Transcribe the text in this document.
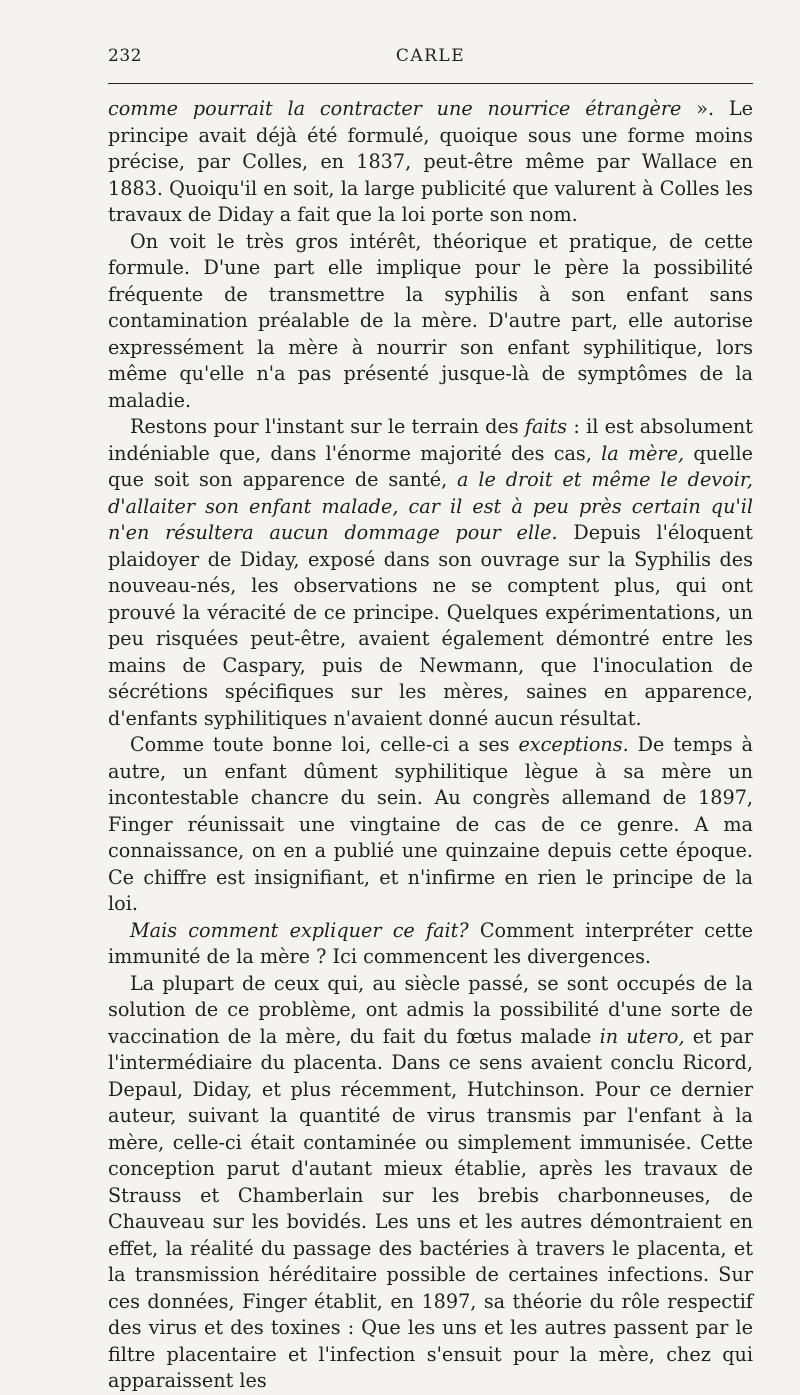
232	CARLE

comme pourrait la contracter une nourrice étrangère ». Le principe avait déjà été formulé, quoique sous une forme moins précise, par Colles, en 1837, peut-être même par Wallace en 1883. Quoiqu'il en soit, la large publicité que valurent à Colles les travaux de Diday a fait que la loi porte son nom.

On voit le très gros intérêt, théorique et pratique, de cette formule. D'une part elle implique pour le père la possibilité fréquente de transmettre la syphilis à son enfant sans contamination préalable de la mère. D'autre part, elle autorise expressément la mère à nourrir son enfant syphilitique, lors même qu'elle n'a pas présenté jusque-là de symptômes de la maladie.

Restons pour l'instant sur le terrain des faits : il est absolument indéniable que, dans l'énorme majorité des cas, la mère, quelle que soit son apparence de santé, a le droit et même le devoir, d'allaiter son enfant malade, car il est à peu près certain qu'il n'en résultera aucun dommage pour elle. Depuis l'éloquent plaidoyer de Diday, exposé dans son ouvrage sur la Syphilis des nouveau-nés, les observations ne se comptent plus, qui ont prouvé la véracité de ce principe. Quelques expérimentations, un peu risquées peut-être, avaient également démontré entre les mains de Caspary, puis de Newmann, que l'inoculation de sécrétions spécifiques sur les mères, saines en apparence, d'enfants syphilitiques n'avaient donné aucun résultat.

Comme toute bonne loi, celle-ci a ses exceptions. De temps à autre, un enfant dûment syphilitique lègue à sa mère un incontestable chancre du sein. Au congrès allemand de 1897, Finger réunissait une vingtaine de cas de ce genre. A ma connaissance, on en a publié une quinzaine depuis cette époque. Ce chiffre est insignifiant, et n'infirme en rien le principe de la loi.

Mais comment expliquer ce fait? Comment interpréter cette immunité de la mère ? Ici commencent les divergences.

La plupart de ceux qui, au siècle passé, se sont occupés de la solution de ce problème, ont admis la possibilité d'une sorte de vaccination de la mère, du fait du fœtus malade in utero, et par l'intermédiaire du placenta. Dans ce sens avaient conclu Ricord, Depaul, Diday, et plus récemment, Hutchinson. Pour ce dernier auteur, suivant la quantité de virus transmis par l'enfant à la mère, celle-ci était contaminée ou simplement immunisée. Cette conception parut d'autant mieux établie, après les travaux de Strauss et Chamberlain sur les brebis charbonneuses, de Chauveau sur les bovidés. Les uns et les autres démontraient en effet, la réalité du passage des bactéries à travers le placenta, et la transmission héréditaire possible de certaines infections. Sur ces données, Finger établit, en 1897, sa théorie du rôle respectif des virus et des toxines : Que les uns et les autres passent par le filtre placentaire et l'infection s'ensuit pour la mère, chez qui apparaissent les
